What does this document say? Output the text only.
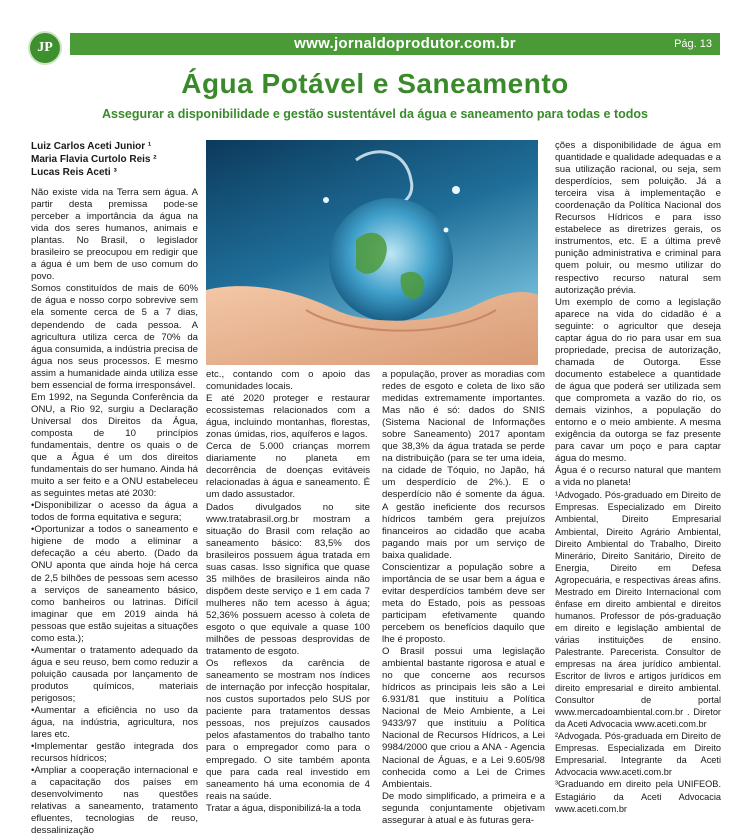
JP	www.jornaldoprodutor.com.br	Pág. 13
Água Potável e Saneamento
Assegurar a disponibilidade e gestão sustentável da água e saneamento para todas e todos
Luiz Carlos Aceti Junior ¹
Maria Flavia Curtolo Reis ²
Lucas Reis Aceti ³

Não existe vida na Terra sem água. A partir desta premissa pode-se perceber a importância da água na vida dos seres humanos, animais e plantas. No Brasil, o legislador brasileiro se preocupou em redigir que a água é um bem de uso comum do povo.

Somos constituídos de mais de 60% de água e nosso corpo sobrevive sem ela somente cerca de 5 a 7 dias, dependendo de cada pessoa. A agricultura utiliza cerca de 70% da água consumida, a indústria precisa de água nos seus processos. E mesmo assim a humanidade ainda utiliza esse bem essencial de forma irresponsável.

Em 1992, na Segunda Conferência da ONU, a Rio 92, surgiu a Declaração Universal dos Direitos da Água, composta de 10 princípios fundamentais, dentre os quais o de que a Água é um dos direitos fundamentais do ser humano. Ainda há muito a ser feito e a ONU estabeleceu as seguintes metas até 2030:

•Disponibilizar o acesso da água a todos de forma equitativa e segura;

•Oportunizar a todos o saneamento e higiene de modo a eliminar a defecação a céu aberto. (Dado da ONU aponta que ainda hoje há cerca de 2,5 bilhões de pessoas sem acesso a serviços de saneamento básico, como banheiros ou latrinas. Difícil imaginar que em 2019 ainda há pessoas que estão sujeitas a situações como esta.);

•Aumentar o tratamento adequado da água e seu reuso, bem como reduzir a poluição causada por lançamento de produtos químicos, materiais perigosos;

•Aumentar a eficiência no uso da água, na indústria, agricultura, nos lares etc.

•Implementar gestão integrada dos recursos hídricos;

•Ampliar a cooperação internacional e a capacitação dos países em desenvolvimento nas questões relativas a saneamento, tratamento efluentes, tecnologias de reuso, dessalinização

etc., contando com o apoio das comunidades locais.

E até 2020 proteger e restaurar ecossistemas relacionados com a água, incluindo montanhas, florestas, zonas úmidas, rios, aquíferos e lagos.

Cerca de 5.000 crianças morrem diariamente no planeta em decorrência de doenças evitáveis relacionadas à água e saneamento. É um dado assustador.

Dados divulgados no site www.tratabrasil.org.br mostram a situação do Brasil com relação ao saneamento básico: 83,5% dos brasileiros possuem água tratada em suas casas. Isso significa que quase 35 milhões de brasileiros ainda não dispõem deste serviço e 1 em cada 7 mulheres não tem acesso à água; 52,36% possuem acesso à coleta de esgoto o que equivale a quase 100 milhões de pessoas desprovidas de tratamento de esgoto.

Os reflexos da carência de saneamento se mostram nos índices de internação por infecção hospitalar, nos custos suportados pelo SUS por paciente para tratamentos dessas pessoas, nos prejuízos causados pelos afastamentos do trabalho tanto para o empregador como para o empregado. O site também aponta que para cada real investido em saneamento há uma economia de 4 reais na saúde.

Tratar a água, disponibilizá-la a toda

a população, prover as moradias com redes de esgoto e coleta de lixo são medidas extremamente importantes. Mas não é só: dados do SNIS (Sistema Nacional de Informações sobre Saneamento) 2017 apontam que 38,3% da água tratada se perde na distribuição (para se ter uma ideia, na cidade de Tóquio, no Japão, há um desperdício de 2%.). E o desperdício não é somente da água. A gestão ineficiente dos recursos hídricos também gera prejuízos financeiros ao cidadão que acaba pagando mais por um serviço de baixa qualidade.

Conscientizar a população sobre a importância de se usar bem a água e evitar desperdícios também deve ser meta do Estado, pois as pessoas participam efetivamente quando percebem os benefícios daquilo que lhe é proposto.

O Brasil possui uma legislação ambiental bastante rigorosa e atual e no que concerne aos recursos hídricos as principais leis são a Lei 6.931/81 que instituiu a Política Nacional de Meio Ambiente, a Lei 9433/97 que instituiu a Política Nacional de Recursos Hídricos, a Lei 9984/2000 que criou a ANA - Agencia Nacional de Águas, e a Lei 9.605/98 conhecida como a Lei de Crimes Ambientais.

De modo simplificado, a primeira e a segunda conjuntamente objetivam assegurar à atual e às futuras gera-

ções a disponibilidade de água em quantidade e qualidade adequadas e a sua utilização racional, ou seja, sem desperdícios, sem poluição. Já a terceira visa à implementação e coordenação da Política Nacional dos Recursos Hídricos e para isso estabelece as diretrizes gerais, os instrumentos, etc. E a última prevê punição administrativa e criminal para quem poluir, ou mesmo utilizar do respectivo recurso natural sem autorização prévia.

Um exemplo de como a legislação aparece na vida do cidadão é a seguinte: o agricultor que deseja captar água do rio para usar em sua propriedade, precisa de autorização, chamada de Outorga. Esse documento estabelece a quantidade de água que poderá ser utilizada sem que comprometa a vazão do rio, os demais vizinhos, a população do entorno e o meio ambiente. A mesma exigência da outorga se faz presente para cavar um poço e para captar água do mesmo.

Água é o recurso natural que mantem a vida no planeta!

¹Advogado. Pós-graduado em Direito de Empresas. Especializado em Direito Ambiental, Direito Empresarial Ambiental, Direito Agrário Ambiental, Direito Ambiental do Trabalho, Direito Minerário, Direito Sanitário, Direito de Energia, Direito em Defesa Agropecuária, e respectivas áreas afins. Mestrado em Direito Internacional com ênfase em direito ambiental e direitos humanos. Professor de pós-graduação em direito e legislação ambiental de várias instituições de ensino. Palestrante. Parecerista. Consultor de empresas na área jurídico ambiental. Escritor de livros e artigos jurídicos em direito empresarial e direito ambiental. Consultor de portal www.mercadoambiental.com.br . Diretor da Aceti Advocacia www.aceti.com.br

²Advogada. Pós-graduada em Direito de Empresas. Especializada em Direito Empresarial. Integrante da Aceti Advocacia www.aceti.com.br

³Graduando em direito pela UNIFEOB. Estagiário da Aceti Advocacia www.aceti.com.br
